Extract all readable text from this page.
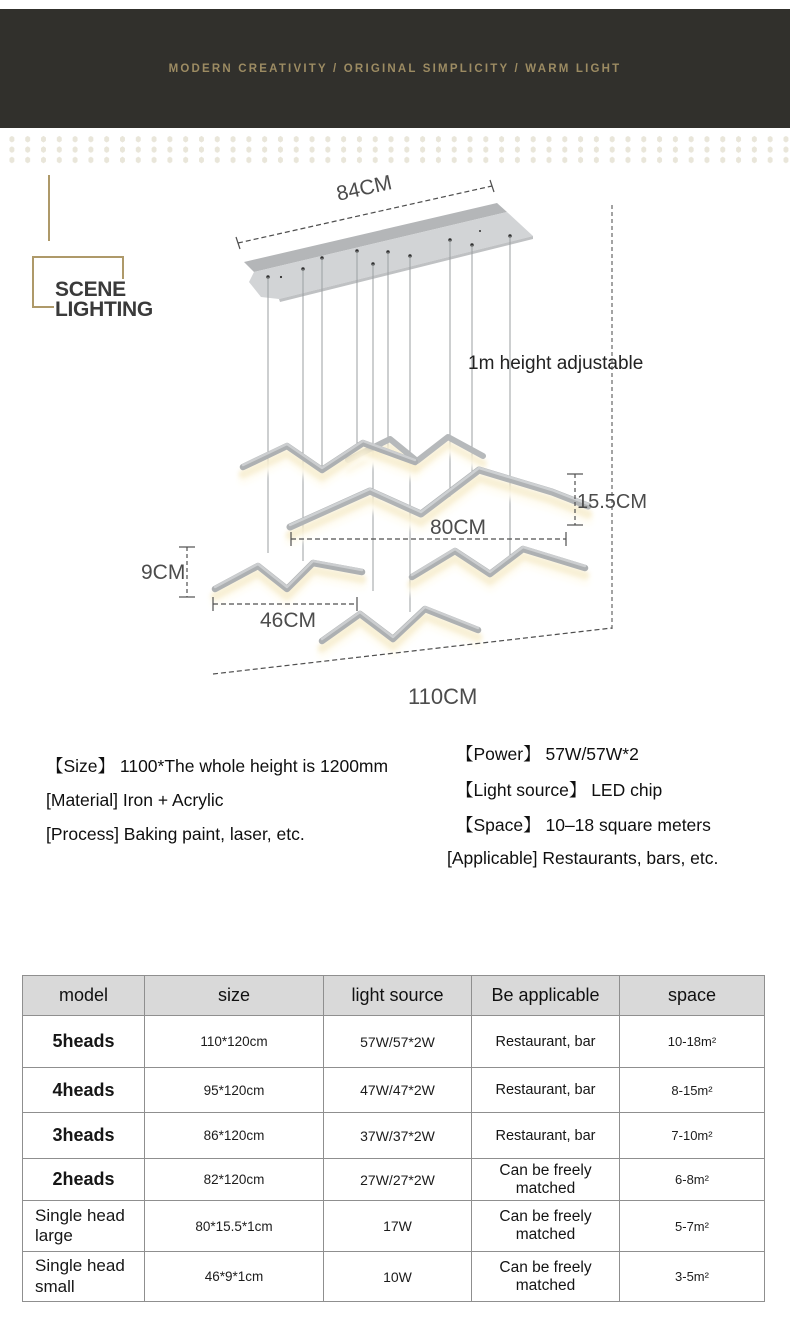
MODERN CREATIVITY / ORIGINAL SIMPLICITY / WARM LIGHT
SCENE
LIGHTING
84CM
1m height adjustable
15.5CM
80CM
9CM
46CM
110CM
【Size】 1100*The whole height is 1200mm
[Material] Iron + Acrylic
[Process] Baking paint, laser, etc.
【Power】 57W/57W*2
【Light source】 LED chip
【Space】 10–18 square meters
[Applicable] Restaurants, bars, etc.
model	size	light source	Be applicable	space
5heads	110*120cm	57W/57*2W	Restaurant, bar	10-18m²
4heads	95*120cm	47W/47*2W	Restaurant, bar	8-15m²
3heads	86*120cm	37W/37*2W	Restaurant, bar	7-10m²
2heads	82*120cm	27W/27*2W	Can be freely matched	6-8m²
Single head large	80*15.5*1cm	17W	Can be freely matched	5-7m²
Single head small	46*9*1cm	10W	Can be freely matched	3-5m²
